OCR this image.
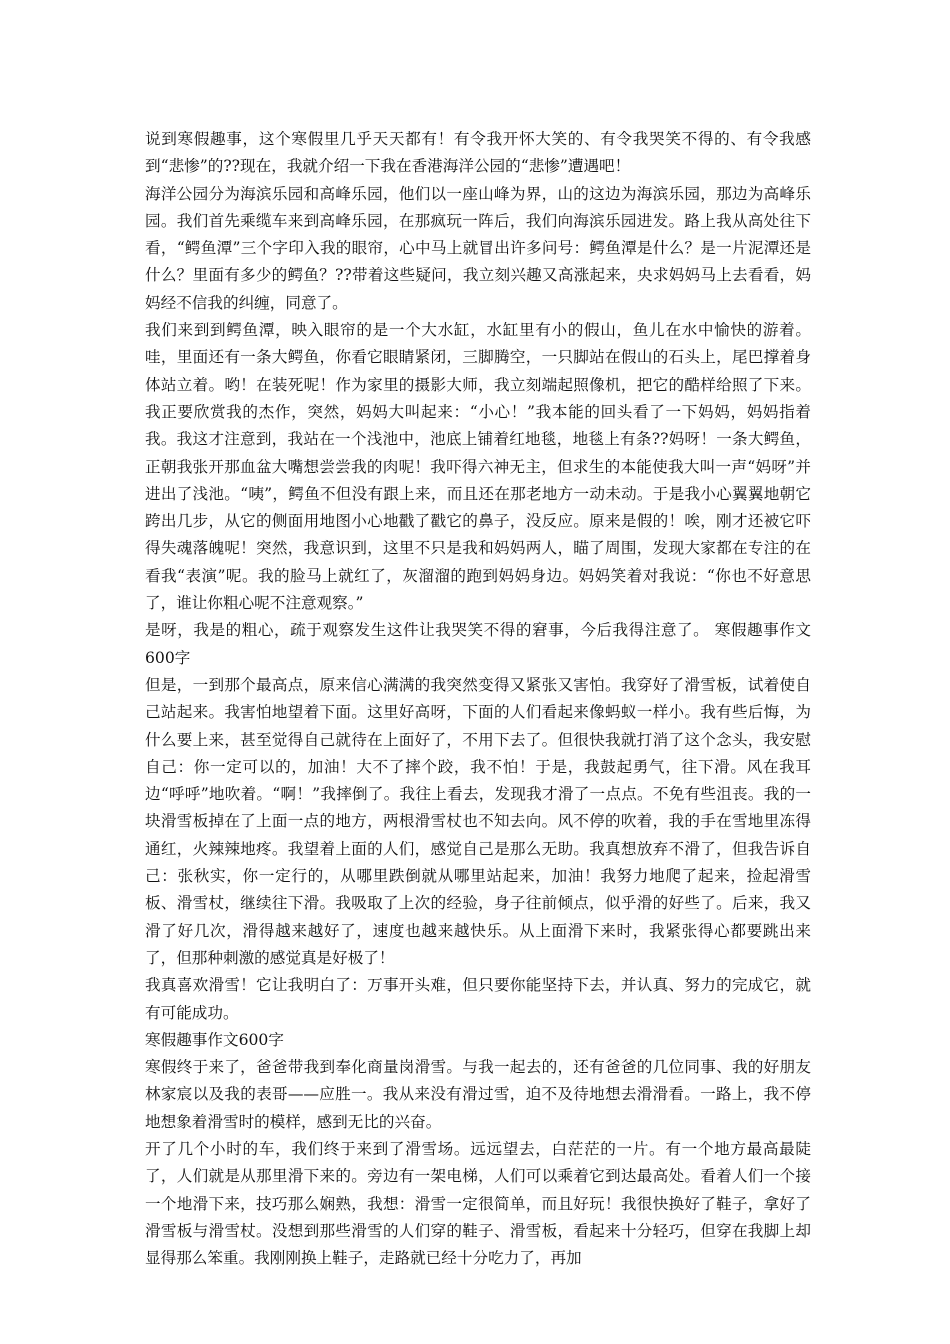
说到寒假趣事，这个寒假里几乎天天都有！有令我开怀大笑的、有令我哭笑不得的、有令我感到“悲惨”的??现在，我就介绍一下我在香港海洋公园的“悲惨”遭遇吧！

海洋公园分为海滨乐园和高峰乐园，他们以一座山峰为界，山的这边为海滨乐园，那边为高峰乐园。我们首先乘缆车来到高峰乐园，在那疯玩一阵后，我们向海滨乐园进发。路上我从高处往下看，“鳄鱼潭”三个字印入我的眼帘，心中马上就冒出许多问号：鳄鱼潭是什么？是一片泥潭还是什么？里面有多少的鳄鱼？??带着这些疑问，我立刻兴趣又高涨起来，央求妈妈马上去看看，妈妈经不信我的纠缠，同意了。

我们来到到鳄鱼潭，映入眼帘的是一个大水缸，水缸里有小的假山，鱼儿在水中愉快的游着。哇，里面还有一条大鳄鱼，你看它眼睛紧闭，三脚腾空，一只脚站在假山的石头上，尾巴撑着身体站立着。哟！在装死呢！作为家里的摄影大师，我立刻端起照像机，把它的酷样给照了下来。我正要欣赏我的杰作，突然，妈妈大叫起来：“小心！”我本能的回头看了一下妈妈，妈妈指着我。我这才注意到，我站在一个浅池中，池底上铺着红地毯，地毯上有条??妈呀！一条大鳄鱼，正朝我张开那血盆大嘴想尝尝我的肉呢！我吓得六神无主，但求生的本能使我大叫一声“妈呀”并进出了浅池。“咦”，鳄鱼不但没有跟上来，而且还在那老地方一动未动。于是我小心翼翼地朝它跨出几步，从它的侧面用地图小心地戳了戳它的鼻子，没反应。原来是假的！唉，刚才还被它吓得失魂落魄呢！突然，我意识到，这里不只是我和妈妈两人，瞄了周围，发现大家都在专注的在看我“表演”呢。我的脸马上就红了，灰溜溜的跑到妈妈身边。妈妈笑着对我说：“你也不好意思了，谁让你粗心呢不注意观察。”

是呀，我是的粗心，疏于观察发生这件让我哭笑不得的窘事，今后我得注意了。 寒假趣事作文600字

但是，一到那个最高点，原来信心满满的我突然变得又紧张又害怕。我穿好了滑雪板，试着使自己站起来。我害怕地望着下面。这里好高呀，下面的人们看起来像蚂蚁一样小。我有些后悔，为什么要上来，甚至觉得自己就待在上面好了，不用下去了。但很快我就打消了这个念头，我安慰自己：你一定可以的，加油！大不了摔个跤，我不怕！于是，我鼓起勇气，往下滑。风在我耳边“呼呼”地吹着。“啊！”我摔倒了。我往上看去，发现我才滑了一点点。不免有些沮丧。我的一块滑雪板掉在了上面一点的地方，两根滑雪杖也不知去向。风不停的吹着，我的手在雪地里冻得通红，火辣辣地疼。我望着上面的人们，感觉自己是那么无助。我真想放弃不滑了，但我告诉自己：张秋实，你一定行的，从哪里跌倒就从哪里站起来，加油！我努力地爬了起来，捡起滑雪板、滑雪杖，继续往下滑。我吸取了上次的经验，身子往前倾点，似乎滑的好些了。后来，我又滑了好几次，滑得越来越好了，速度也越来越快乐。从上面滑下来时，我紧张得心都要跳出来了，但那种刺激的感觉真是好极了！

我真喜欢滑雪！它让我明白了：万事开头难，但只要你能坚持下去，并认真、努力的完成它，就有可能成功。

寒假趣事作文600字

寒假终于来了，爸爸带我到奉化商量岗滑雪。与我一起去的，还有爸爸的几位同事、我的好朋友林家宸以及我的表哥——应胜一。我从来没有滑过雪，迫不及待地想去滑滑看。一路上，我不停地想象着滑雪时的模样，感到无比的兴奋。

开了几个小时的车，我们终于来到了滑雪场。远远望去，白茫茫的一片。有一个地方最高最陡了，人们就是从那里滑下来的。旁边有一架电梯，人们可以乘着它到达最高处。看着人们一个接一个地滑下来，技巧那么娴熟，我想：滑雪一定很简单，而且好玩！我很快换好了鞋子，拿好了滑雪板与滑雪杖。没想到那些滑雪的人们穿的鞋子、滑雪板，看起来十分轻巧，但穿在我脚上却显得那么笨重。我刚刚换上鞋子，走路就已经十分吃力了，再加
